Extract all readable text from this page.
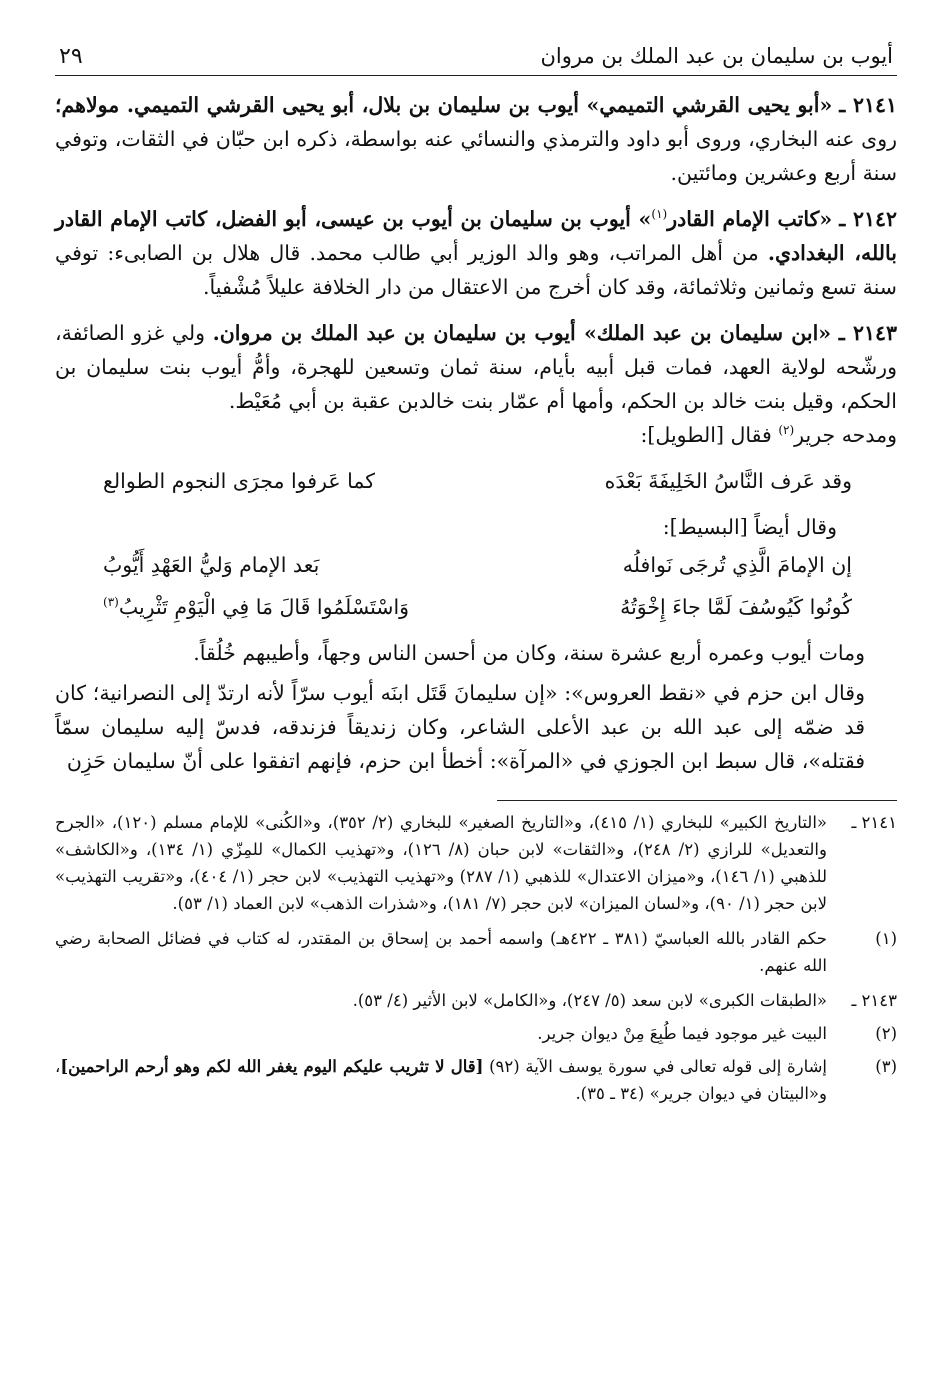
أيوب بن سليمان بن عبد الملك بن مروان
٢٩
٢١٤١ ـ «أبو يحيى القرشي التميمي» أيوب بن سليمان بن بلال، أبو يحيى القرشي التميمي. مولاهم؛ روى عنه البخاري، وروى أبو داود والترمذي والنسائي عنه بواسطة، ذكره ابن حبّان في الثقات، وتوفي سنة أربع وعشرين ومائتين.
٢١٤٢ ـ «كاتب الإمام القادر$^{(١)}$» أيوب بن سليمان بن أيوب بن عيسى، أبو الفضل، كاتب الإمام القادر بالله، البغدادي. من أهل المراتب، وهو والد الوزير أبي طالب محمد. قال هلال بن الصابىء: توفي سنة تسع وثمانين وثلاثمائة، وقد كان أخرج من الاعتقال من دار الخلافة عليلاً مُشْفياً.
٢١٤٣ ـ «ابن سليمان بن عبد الملك» أيوب بن سليمان بن عبد الملك بن مروان. ولي غزو الصائفة، ورشّحه لولاية العهد، فمات قبل أبيه بأيام، سنة ثمان وتسعين للهجرة، وأمُّ أيوب بنت سليمان بن الحكم، وقيل بنت خالد بن الحكم، وأمها أم عمّار بنت خالدبن عقبة بن أبي مُعَيْط.
ومدحه جرير$^{(٢)}$ فقال [الطويل]:
وقد عَرف النَّاسُ الخَلِيفَةَ بَعْدَه
كما عَرفوا مجرَى النجوم الطوالع
وقال أيضاً [البسيط]:
إن الإمامَ الَّذِي تُرجَى نَوافلُه
بَعد الإمام وَليُّ العَهْدِ أَيُّوبُ
كُونُوا كَيُوسُفَ لَمَّا جاءَ إِخْوَتُهُ
وَاسْتَسْلَمُوا قَالَ مَا فِي الْيَوْمِ تَثْرِيبُ$^{(٣)}$
ومات أيوب وعمره أربع عشرة سنة، وكان من أحسن الناس وجهاً، وأطيبهم خُلُقاً.
وقال ابن حزم في «نقط العروس»: «إن سليمانَ قَتَل ابنَه أيوب سرّاً لأنه ارتدّ إلى النصرانية؛ كان قد ضمّه إلى عبد الله بن عبد الأعلى الشاعر، وكان زنديقاً فزندقه، فدسّ إليه سليمان سمّاً فقتله»، قال سبط ابن الجوزي في «المرآة»: أخطأ ابن حزم، فإنهم اتفقوا على أنّ سليمان حَزِن
٢١٤١ ـ
«التاريخ الكبير» للبخاري (١/ ٤١٥)، و«التاريخ الصغير» للبخاري (٢/ ٣٥٢)، و«الكُنى» للإمام مسلم (١٢٠)، «الجرح والتعديل» للرازي (٢/ ٢٤٨)، و«الثقات» لابن حبان (٨/ ١٢٦)، و«تهذيب الكمال» للمِزّي (١/ ١٣٤)، و«الكاشف» للذهبي (١/ ١٤٦)، و«ميزان الاعتدال» للذهبي (١/ ٢٨٧) و«تهذيب التهذيب» لابن حجر (١/ ٤٠٤)، و«تقريب التهذيب» لابن حجر (١/ ٩٠)، و«لسان الميزان» لابن حجر (٧/ ١٨١)، و«شذرات الذهب» لابن العماد (١/ ٥٣).
(١)
حكم القادر بالله العباسيّ (٣٨١ ـ ٤٢٢هـ) واسمه أحمد بن إسحاق بن المقتدر، له كتاب في فضائل الصحابة رضي الله عنهم.
٢١٤٣ ـ
«الطبقات الكبرى» لابن سعد (٥/ ٢٤٧)، و«الكامل» لابن الأثير (٤/ ٥٣).
(٢)
البيت غير موجود فيما طُبِعَ مِنْ ديوان جرير.
(٣)
إشارة إلى قوله تعالى في سورة يوسف الآية (٩٢) [قال لا تثريب عليكم اليوم يغفر الله لكم وهو أرحم الراحمين]، و«البيتان في ديوان جرير» (٣٤ ـ ٣٥).
